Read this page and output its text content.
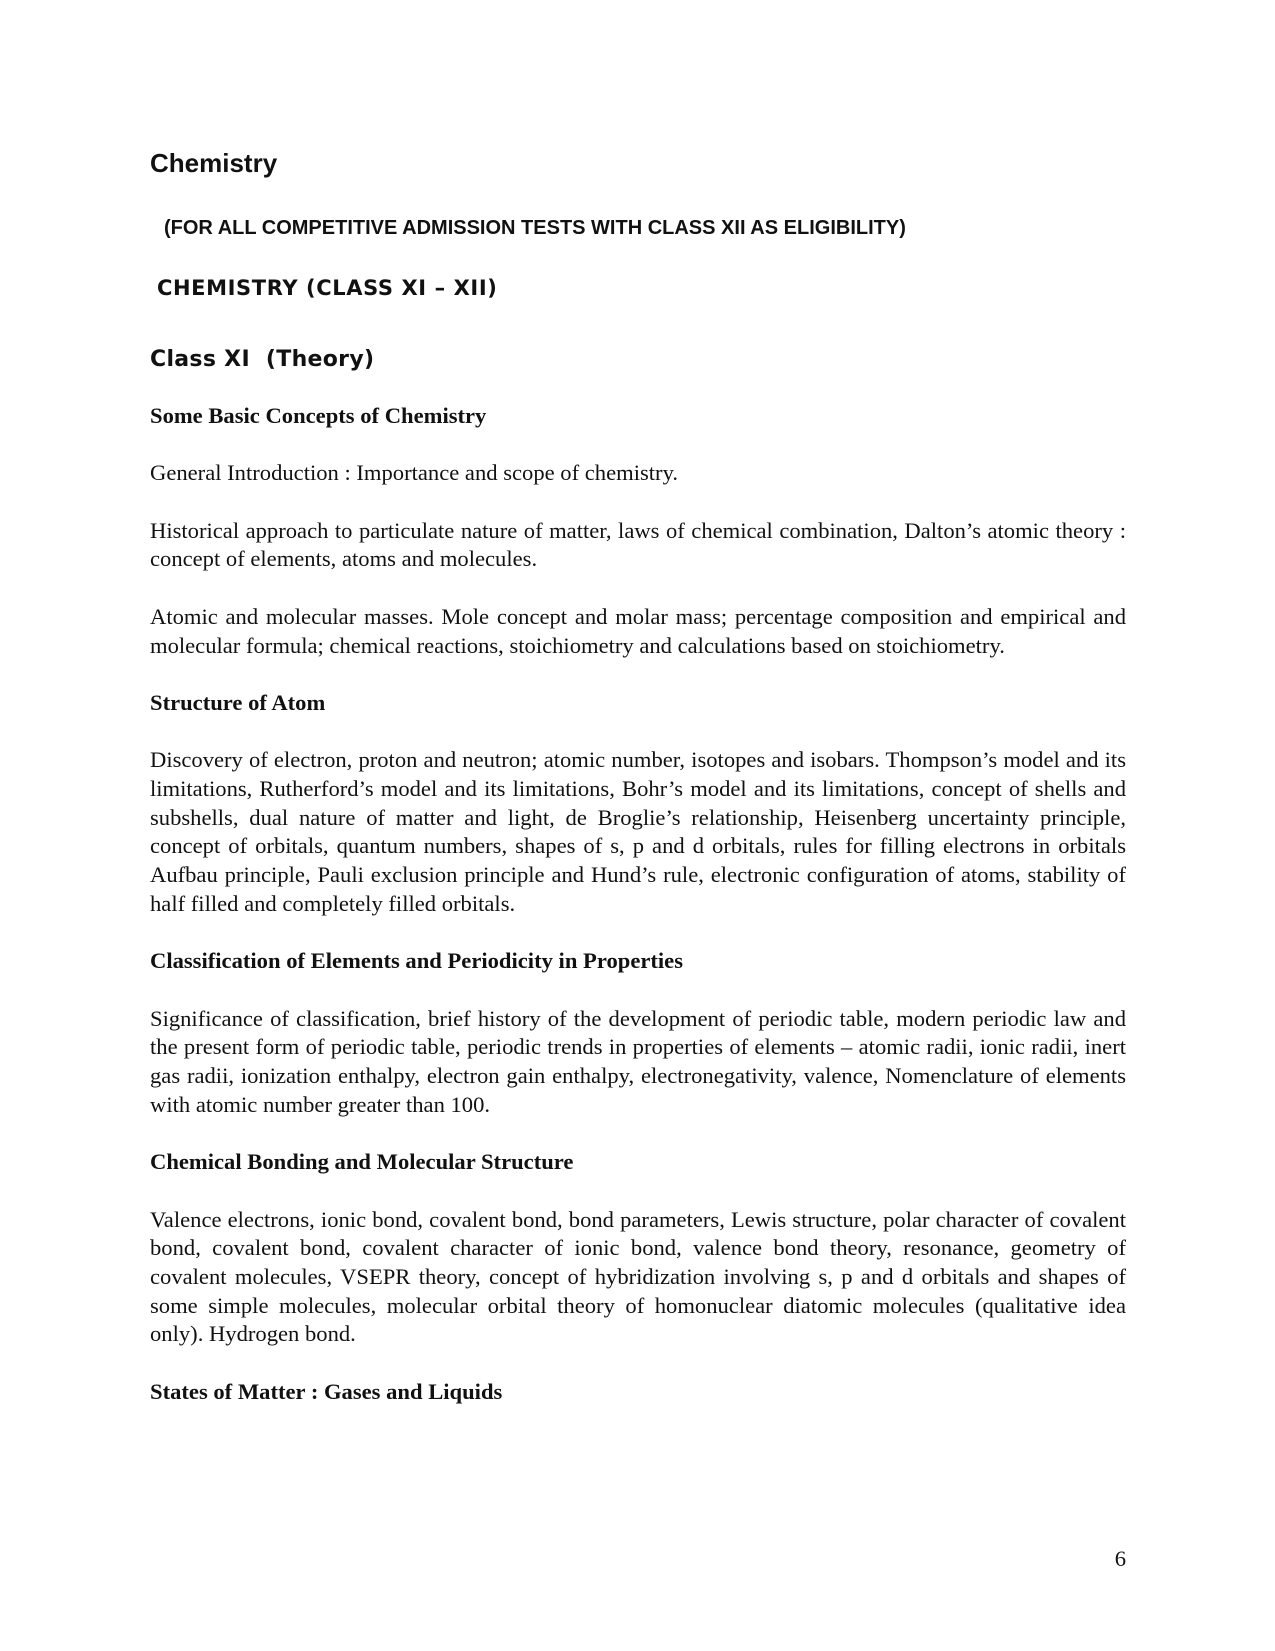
Chemistry
(FOR ALL COMPETITIVE ADMISSION TESTS WITH CLASS XII AS ELIGIBILITY)
CHEMISTRY (CLASS XI – XII)
Class XI (Theory)
Some Basic Concepts of Chemistry

General Introduction : Importance and scope of chemistry.

Historical approach to particulate nature of matter, laws of chemical combination, Dalton’s atomic theory : concept of elements, atoms and molecules.

Atomic and molecular masses. Mole concept and molar mass; percentage composition and empirical and molecular formula; chemical reactions, stoichiometry and calculations based on stoichiometry.

Structure of Atom

Discovery of electron, proton and neutron; atomic number, isotopes and isobars. Thompson’s model and its limitations, Rutherford’s model and its limitations, Bohr’s model and its limitations, concept of shells and subshells, dual nature of matter and light, de Broglie’s relationship, Heisenberg uncertainty principle, concept of orbitals, quantum numbers, shapes of s, p and d orbitals, rules for filling electrons in orbitals Aufbau principle, Pauli exclusion principle and Hund’s rule, electronic configuration of atoms, stability of half filled and completely filled orbitals.

Classification of Elements and Periodicity in Properties

Significance of classification, brief history of the development of periodic table, modern periodic law and the present form of periodic table, periodic trends in properties of elements – atomic radii, ionic radii, inert gas radii, ionization enthalpy, electron gain enthalpy, electronegativity, valence, Nomenclature of elements with atomic number greater than 100.

Chemical Bonding and Molecular Structure

Valence electrons, ionic bond, covalent bond, bond parameters, Lewis structure, polar character of covalent bond, covalent bond, covalent character of ionic bond, valence bond theory, resonance, geometry of covalent molecules, VSEPR theory, concept of hybridization involving s, p and d orbitals and shapes of some simple molecules, molecular orbital theory of homonuclear diatomic molecules (qualitative idea only). Hydrogen bond.

States of Matter : Gases and Liquids

6
